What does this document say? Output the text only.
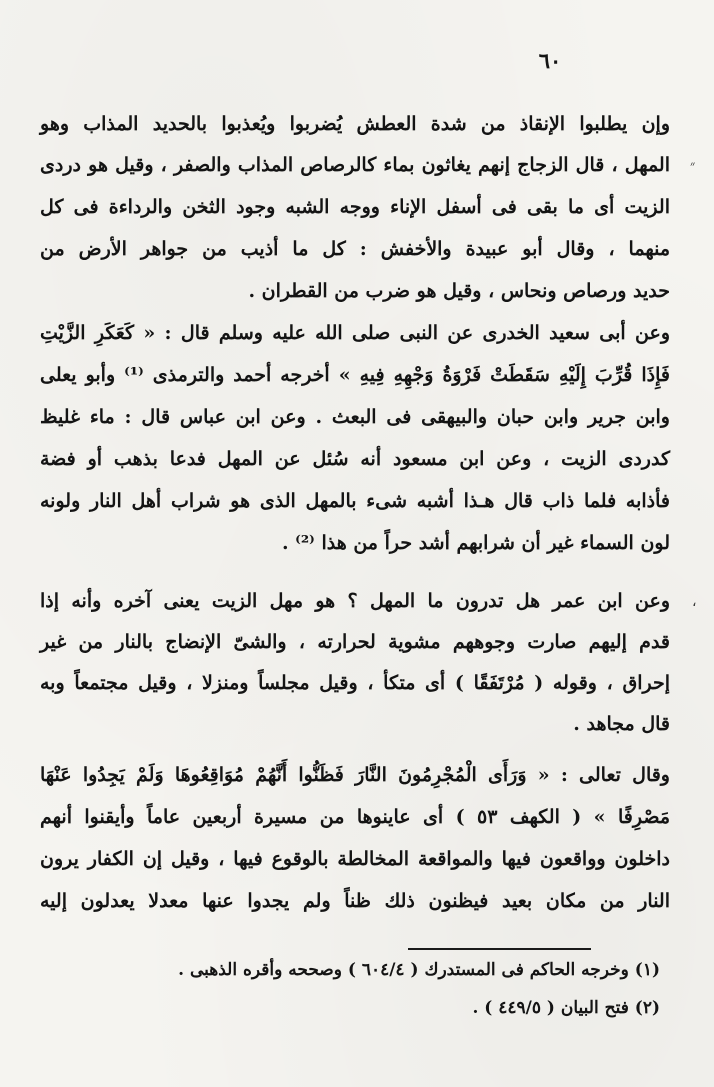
٦٠
״
،
وإن يطلبوا الإنقاذ من شدة العطش يُضربوا ويُعذبوا بالحديد المذاب وهو
المهل ، قال الزجاج إنهم يغاثون بماء كالرصاص المذاب والصفر ، وقيل هو دردى
الزيت أى ما بقى فى أسفل الإناء ووجه الشبه وجود الثخن والرداءة فى كل
منهما ، وقال أبو عبيدة والأخفش : كل ما أذيب من جواهر الأرض من
حديد ورصاص ونحاس ، وقيل هو ضرب من القطران .
وعن أبى سعيد الخدرى عن النبى صلى الله عليه وسلم قال : « كَعَكَرِ الزَّيْتِ
فَإِذَا قُرِّبَ إِلَيْهِ سَقَطَتْ فَرْوَةُ وَجْهِهِ فِيهِ » أخرجه أحمد والترمذى ⁽¹⁾ وأبو يعلى
وابن جرير وابن حبان والبيهقى فى البعث . وعن ابن عباس قال : ماء غليظ
كدردى الزيت ، وعن ابن مسعود أنه سُئل عن المهل فدعا بذهب أو فضة
فأذابه فلما ذاب قال هـذا أشبه شىء بالمهل الذى هو شراب أهل النار ولونه
لون السماء غير أن شرابهم أشد حراً من هذا ⁽²⁾ .
وعن ابن عمر هل تدرون ما المهل ؟ هو مهل الزيت يعنى آخره وأنه إذا
قدم إليهم صارت وجوههم مشوية لحرارته ، والشىّ الإنضاج بالنار من غير
إحراق ، وقوله ( مُرْتَفَقًا ) أى متكأ ، وقيل مجلساً ومنزلا ، وقيل مجتمعاً وبه
قال مجاهد .
وقال تعالى : « وَرَأَى الْمُجْرِمُونَ النَّارَ فَظَنُّوا أَنَّهُمْ مُوَاقِعُوهَا وَلَمْ يَجِدُوا عَنْهَا
مَصْرِفًا » ( الكهف ٥٣ ) أى عاينوها من مسيرة أربعين عاماً وأيقنوا أنهم
داخلون وواقعون فيها والمواقعة المخالطة بالوقوع فيها ، وقيل إن الكفار يرون
النار من مكان بعيد فيظنون ذلك ظناً ولم يجدوا عنها معدلا يعدلون إليه
(١) وخرجه الحاكم فى المستدرك ( ٦٠٤/٤ ) وصححه وأقره الذهبى .
(٢) فتح البيان ( ٤٤٩/٥ ) .
